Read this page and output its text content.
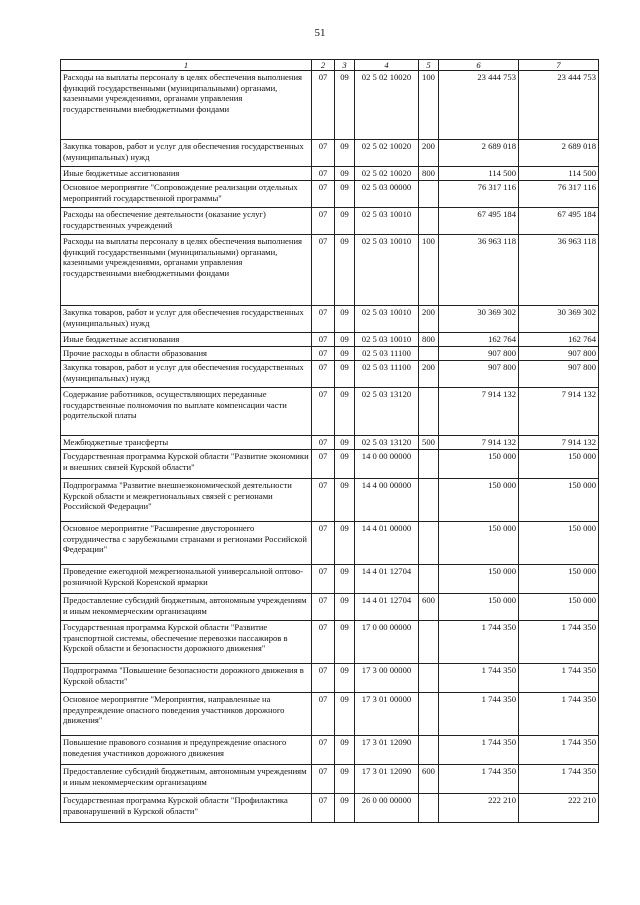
51
1	2	3	4	5	6	7
Расходы на выплаты персоналу в целях обеспечения выполнения функций государственными (муниципальными) органами, казенными учреждениями, органами управления государственными внебюджетными фондами	07	09	02 5 02 10020	100	23 444 753	23 444 753
Закупка товаров, работ и услуг для обеспечения государственных (муниципальных) нужд	07	09	02 5 02 10020	200	2 689 018	2 689 018
Иные бюджетные ассигнования	07	09	02 5 02 10020	800	114 500	114 500
Основное мероприятие "Сопровождение реализации отдельных мероприятий государственной программы"	07	09	02 5 03 00000		76 317 116	76 317 116
Расходы на обеспечение деятельности (оказание услуг) государственных учреждений	07	09	02 5 03 10010		67 495 184	67 495 184
Расходы на выплаты персоналу в целях обеспечения выполнения функций государственными (муниципальными) органами, казенными учреждениями, органами управления государственными внебюджетными фондами	07	09	02 5 03 10010	100	36 963 118	36 963 118
Закупка товаров, работ и услуг для обеспечения государственных (муниципальных) нужд	07	09	02 5 03 10010	200	30 369 302	30 369 302
Иные бюджетные ассигнования	07	09	02 5 03 10010	800	162 764	162 764
Прочие расходы в области образования	07	09	02 5 03 11100		907 800	907 800
Закупка товаров, работ и услуг для обеспечения государственных (муниципальных) нужд	07	09	02 5 03 11100	200	907 800	907 800
Содержание работников, осуществляющих переданные государственные полномочия по выплате компенсации части родительской платы	07	09	02 5 03 13120		7 914 132	7 914 132
Межбюджетные трансферты	07	09	02 5 03 13120	500	7 914 132	7 914 132
Государственная программа Курской области "Развитие экономики и внешних связей Курской области"	07	09	14 0 00 00000		150 000	150 000
Подпрограмма "Развитие внешнеэкономической деятельности Курской области и межрегиональных связей с регионами Российской Федерации"	07	09	14 4 00 00000		150 000	150 000
Основное мероприятие "Расширение двустороннего сотрудничества с зарубежными странами и регионами Российской Федерации"	07	09	14 4 01 00000		150 000	150 000
Проведение ежегодной межрегиональной универсальной оптово-розничной Курской Коренской ярмарки	07	09	14 4 01 12704		150 000	150 000
Предоставление субсидий бюджетным, автономным учреждениям и иным некоммерческим организациям	07	09	14 4 01 12704	600	150 000	150 000
Государственная программа Курской области "Развитие транспортной системы, обеспечение перевозки пассажиров в Курской области и безопасности дорожного движения"	07	09	17 0 00 00000		1 744 350	1 744 350
Подпрограмма "Повышение безопасности дорожного движения в Курской области"	07	09	17 3 00 00000		1 744 350	1 744 350
Основное мероприятие "Мероприятия, направленные на предупреждение опасного поведения участников дорожного движения"	07	09	17 3 01 00000		1 744 350	1 744 350
Повышение правового сознания и предупреждение опасного поведения участников дорожного движения	07	09	17 3 01 12090		1 744 350	1 744 350
Предоставление субсидий бюджетным, автономным учреждениям и иным некоммерческим организациям	07	09	17 3 01 12090	600	1 744 350	1 744 350
Государственная программа Курской области "Профилактика правонарушений в Курской области"	07	09	26 0 00 00000		222 210	222 210
